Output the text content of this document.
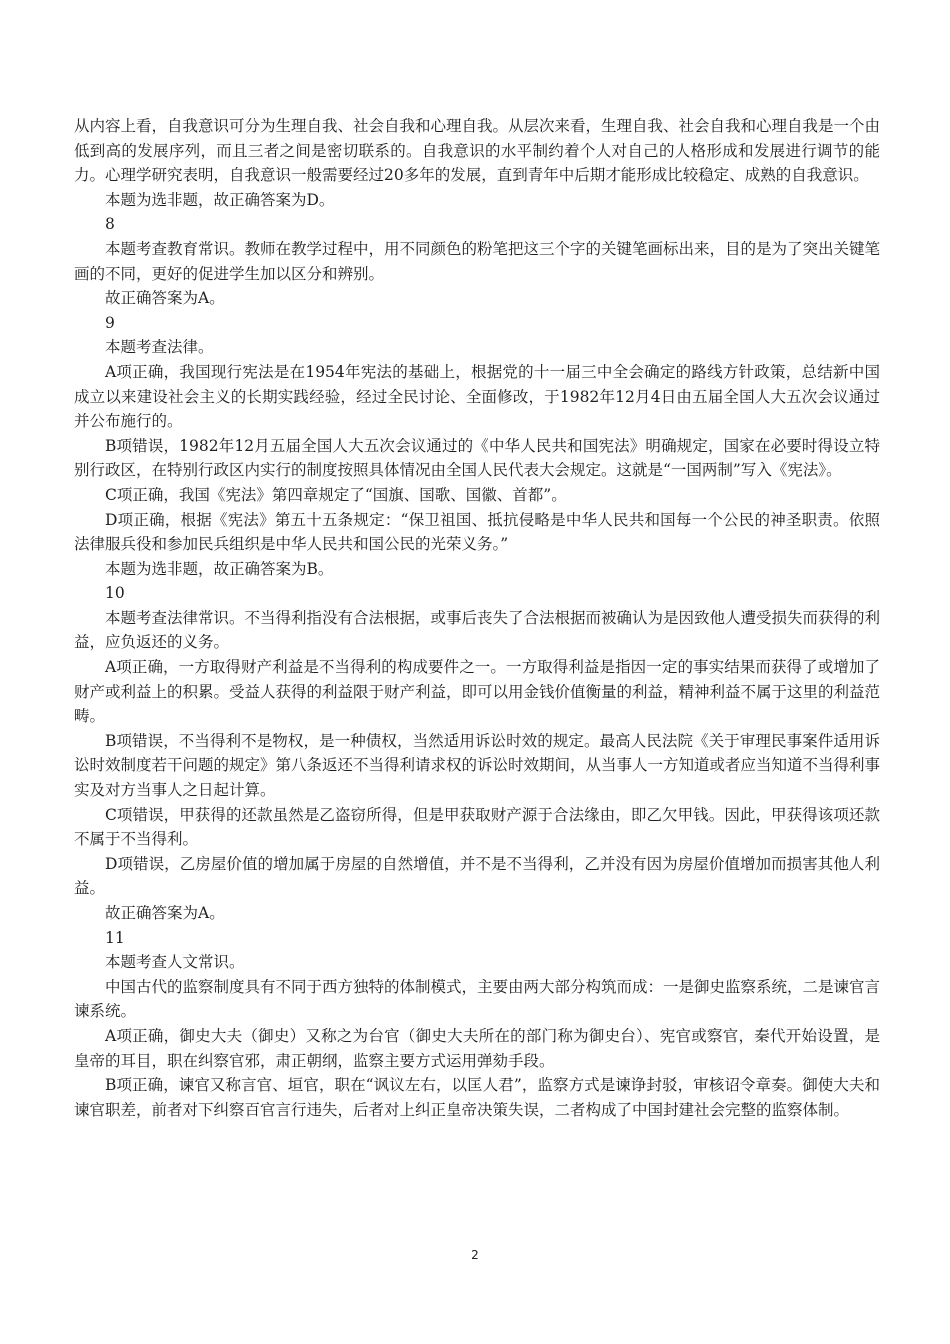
从内容上看，自我意识可分为生理自我、社会自我和心理自我。从层次来看，生理自我、社会自我和心理自我是一个由低到高的发展序列，而且三者之间是密切联系的。自我意识的水平制约着个人对自己的人格形成和发展进行调节的能力。心理学研究表明，自我意识一般需要经过20多年的发展，直到青年中后期才能形成比较稳定、成熟的自我意识。

本题为选非题，故正确答案为D。

8

本题考查教育常识。教师在教学过程中，用不同颜色的粉笔把这三个字的关键笔画标出来，目的是为了突出关键笔画的不同，更好的促进学生加以区分和辨别。

故正确答案为A。

9

本题考查法律。

A项正确，我国现行宪法是在1954年宪法的基础上，根据党的十一届三中全会确定的路线方针政策，总结新中国成立以来建设社会主义的长期实践经验，经过全民讨论、全面修改，于1982年12月4日由五届全国人大五次会议通过并公布施行的。

B项错误，1982年12月五届全国人大五次会议通过的《中华人民共和国宪法》明确规定，国家在必要时得设立特别行政区，在特别行政区内实行的制度按照具体情况由全国人民代表大会规定。这就是“一国两制”写入《宪法》。

C项正确，我国《宪法》第四章规定了“国旗、国歌、国徽、首都”。

D项正确，根据《宪法》第五十五条规定：“保卫祖国、抵抗侵略是中华人民共和国每一个公民的神圣职责。依照法律服兵役和参加民兵组织是中华人民共和国公民的光荣义务。”

本题为选非题，故正确答案为B。

10

本题考查法律常识。不当得利指没有合法根据，或事后丧失了合法根据而被确认为是因致他人遭受损失而获得的利益，应负返还的义务。

A项正确，一方取得财产利益是不当得利的构成要件之一。一方取得利益是指因一定的事实结果而获得了或增加了财产或利益上的积累。受益人获得的利益限于财产利益，即可以用金钱价值衡量的利益，精神利益不属于这里的利益范畴。

B项错误，不当得利不是物权，是一种债权，当然适用诉讼时效的规定。最高人民法院《关于审理民事案件适用诉讼时效制度若干问题的规定》第八条返还不当得利请求权的诉讼时效期间，从当事人一方知道或者应当知道不当得利事实及对方当事人之日起计算。

C项错误，甲获得的还款虽然是乙盗窃所得，但是甲获取财产源于合法缘由，即乙欠甲钱。因此，甲获得该项还款不属于不当得利。

D项错误，乙房屋价值的增加属于房屋的自然增值，并不是不当得利，乙并没有因为房屋价值增加而损害其他人利益。

故正确答案为A。

11

本题考查人文常识。

中国古代的监察制度具有不同于西方独特的体制模式，主要由两大部分构筑而成：一是御史监察系统，二是谏官言谏系统。

A项正确，御史大夫（御史）又称之为台官（御史大夫所在的部门称为御史台）、宪官或察官，秦代开始设置，是皇帝的耳目，职在纠察官邪，肃正朝纲，监察主要方式运用弹劾手段。

B项正确，谏官又称言官、垣官，职在“讽议左右，以匡人君”，监察方式是谏诤封驳，审核诏令章奏。御使大夫和谏官职差，前者对下纠察百官言行违失，后者对上纠正皇帝决策失误，二者构成了中国封建社会完整的监察体制。

2
